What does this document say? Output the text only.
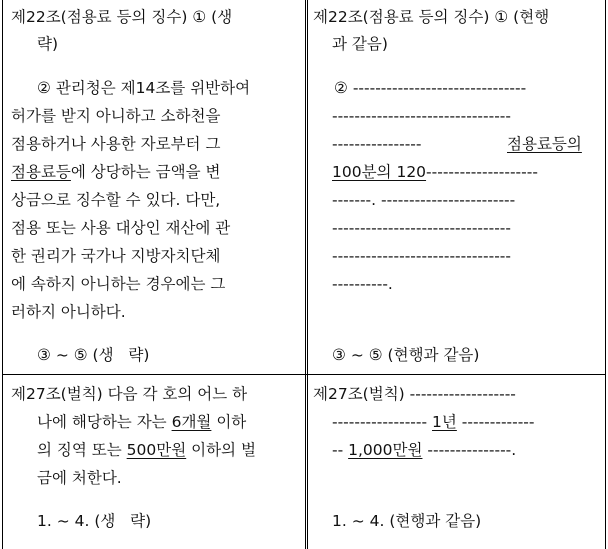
제22조(점용료 등의 징수) ① (생
략)
② 관리청은 제14조를 위반하여
허가를 받지 아니하고 소하천을
점용하거나 사용한 자로부터 그
점용료등에 상당하는 금액을 변
상금으로 징수할 수 있다. 다만,
점용 또는 사용 대상인 재산에 관
한 권리가 국가나 지방자치단체
에 속하지 아니하는 경우에는 그
러하지 아니하다.
③ ~ ⑤ (생   략)
제27조(벌칙) 다음 각 호의 어느 하
나에 해당하는 자는 6개월 이하
의 징역 또는 500만원 이하의 벌
금에 처한다.
1. ~ 4. (생   략)
제22조(점용료 등의 징수) ① (현행
과 같음)
② -------------------------------
--------------------------------
----------------	점용료등의
100분의 120--------------------
-------. ------------------------
--------------------------------
--------------------------------
----------.
③ ~ ⑤ (현행과 같음)
제27조(벌칙) -------------------
----------------- 1년 -------------
-- 1,000만원 ---------------.
1. ~ 4. (현행과 같음)
